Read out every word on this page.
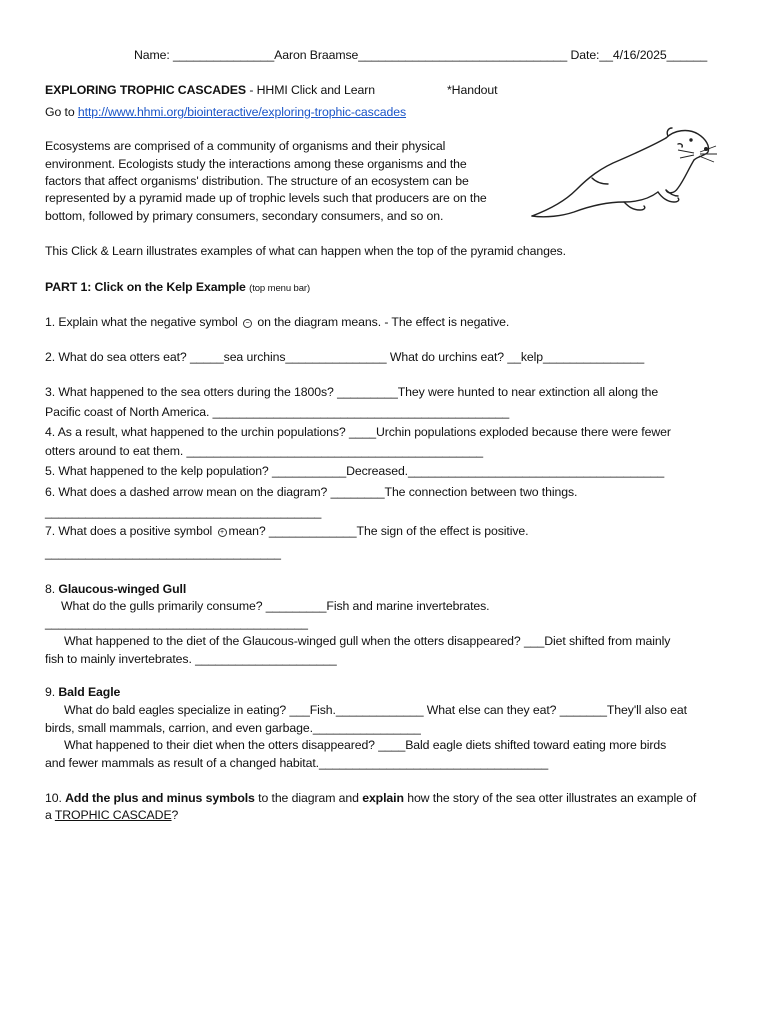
Name: _______________Aaron Braamse_______________________________ Date:__4/16/2025______
EXPLORING TROPHIC CASCADES - HHMI Click and Learn	*Handout
Go to http://www.hhmi.org/biointeractive/exploring-trophic-cascades
Ecosystems are comprised of a community of organisms and their physical
environment. Ecologists study the interactions among these organisms and the
factors that affect organisms' distribution. The structure of an ecosystem can be
represented by a pyramid made up of trophic levels such that producers are on the
bottom, followed by primary consumers, secondary consumers, and so on.
This Click & Learn illustrates examples of what can happen when the top of the pyramid changes.
PART 1: Click on the Kelp Example (top menu bar)
1. Explain what the negative symbol − on the diagram means. - The effect is negative.
2. What do sea otters eat? _____sea urchins_______________ What do urchins eat? __kelp_______________
3. What happened to the sea otters during the 1800s? _________They were hunted to near extinction all along the
Pacific coast of North America. ____________________________________________
4. As a result, what happened to the urchin populations? ____Urchin populations exploded because there were fewer
otters around to eat them. ____________________________________________
5. What happened to the kelp population? ___________Decreased.______________________________________
6. What does a dashed arrow mean on the diagram? ________The connection between two things.
_________________________________________
7. What does a positive symbol + mean? _____________The sign of the effect is positive.
___________________________________
8. Glaucous-winged Gull
What do the gulls primarily consume? _________Fish and marine invertebrates.
_______________________________________
What happened to the diet of the Glaucous-winged gull when the otters disappeared? ___Diet shifted from mainly
fish to mainly invertebrates. _____________________
9. Bald Eagle
What do bald eagles specialize in eating? ___Fish._____________ What else can they eat? _______They'll also eat
birds, small mammals, carrion, and even garbage.________________
What happened to their diet when the otters disappeared? ____Bald eagle diets shifted toward eating more birds
and fewer mammals as result of a changed habitat.__________________________________
10. Add the plus and minus symbols to the diagram and explain how the story of the sea otter illustrates an example of
a TROPHIC CASCADE?
